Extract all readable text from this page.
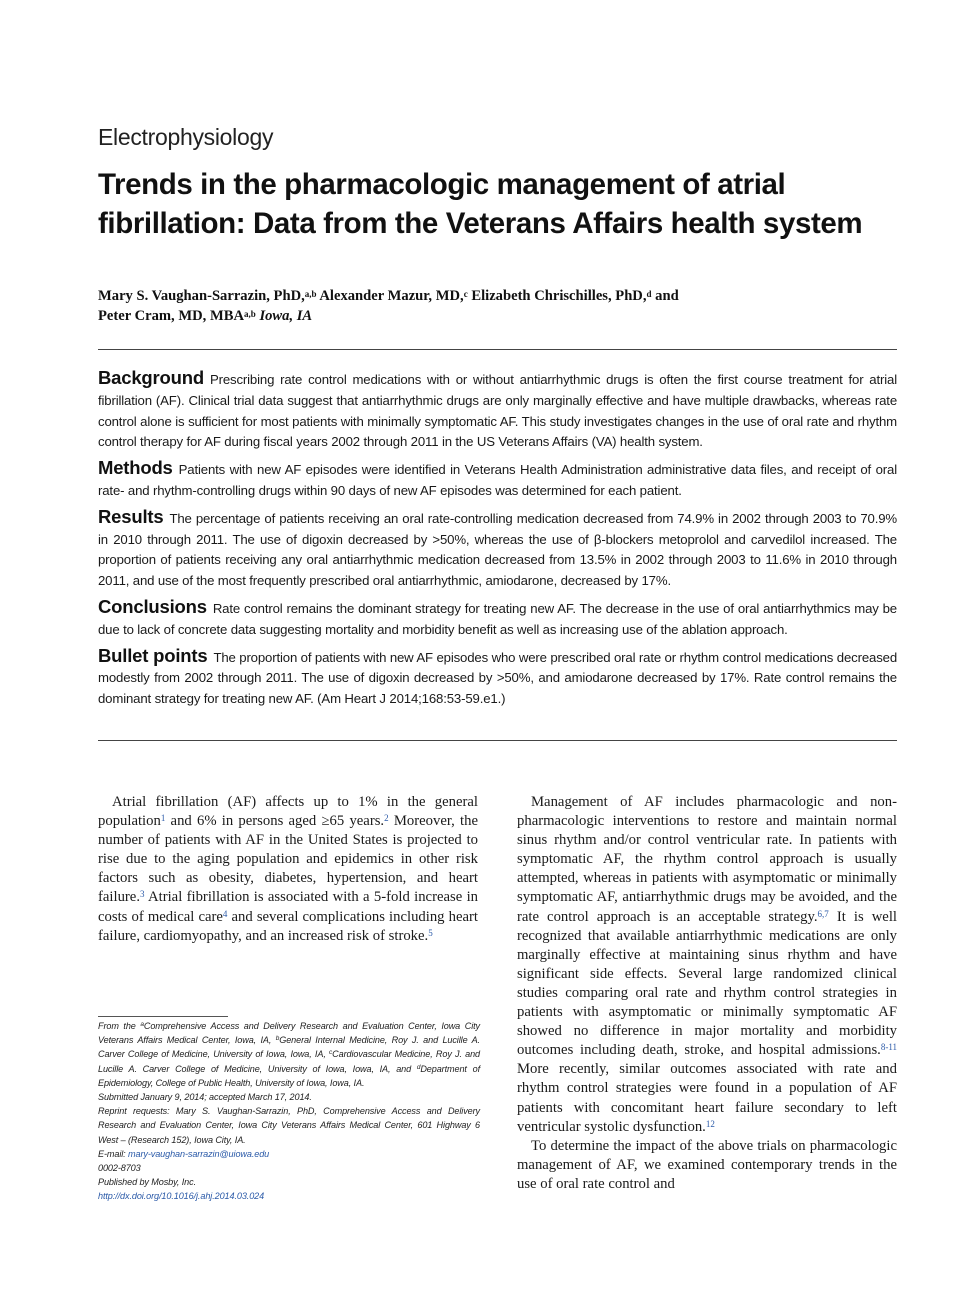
Electrophysiology
Trends in the pharmacologic management of atrial fibrillation: Data from the Veterans Affairs health system
Mary S. Vaughan-Sarrazin, PhD,$^{a,b}$ Alexander Mazur, MD,$^c$ Elizabeth Chrischilles, PhD,$^d$ and
Peter Cram, MD, MBA$^{a,b}$ Iowa, IA

Background Prescribing rate control medications with or without antiarrhythmic drugs is often the first course treatment for atrial fibrillation (AF). Clinical trial data suggest that antiarrhythmic drugs are only marginally effective and have multiple drawbacks, whereas rate control alone is sufficient for most patients with minimally symptomatic AF. This study investigates changes in the use of oral rate and rhythm control therapy for AF during fiscal years 2002 through 2011 in the US Veterans Affairs (VA) health system.

Methods Patients with new AF episodes were identified in Veterans Health Administration administrative data files, and receipt of oral rate- and rhythm-controlling drugs within 90 days of new AF episodes was determined for each patient.

Results The percentage of patients receiving an oral rate-controlling medication decreased from 74.9% in 2002 through 2003 to 70.9% in 2010 through 2011. The use of digoxin decreased by >50%, whereas the use of β-blockers metoprolol and carvedilol increased. The proportion of patients receiving any oral antiarrhythmic medication decreased from 13.5% in 2002 through 2003 to 11.6% in 2010 through 2011, and use of the most frequently prescribed oral antiarrhythmic, amiodarone, decreased by 17%.

Conclusions Rate control remains the dominant strategy for treating new AF. The decrease in the use of oral antiarrhythmics may be due to lack of concrete data suggesting mortality and morbidity benefit as well as increasing use of the ablation approach.

Bullet points The proportion of patients with new AF episodes who were prescribed oral rate or rhythm control medications decreased modestly from 2002 through 2011. The use of digoxin decreased by >50%, and amiodarone decreased by 17%. Rate control remains the dominant strategy for treating new AF. (Am Heart J 2014;168:53-59.e1.)

Atrial fibrillation (AF) affects up to 1% in the general population$^1$ and 6% in persons aged ≥65 years.$^2$ Moreover, the number of patients with AF in the United States is projected to rise due to the aging population and epidemics in other risk factors such as obesity, diabetes, hypertension, and heart failure.$^3$ Atrial fibrillation is associated with a 5-fold increase in costs of medical care$^4$ and several complications including heart failure, cardiomyopathy, and an increased risk of stroke.$^5$

From the $^a$Comprehensive Access and Delivery Research and Evaluation Center, Iowa City Veterans Affairs Medical Center, Iowa, IA, $^b$General Internal Medicine, Roy J. and Lucille A. Carver College of Medicine, University of Iowa, Iowa, IA, $^c$Cardiovascular Medicine, Roy J. and Lucille A. Carver College of Medicine, University of Iowa, Iowa, IA, and $^d$Department of Epidemiology, College of Public Health, University of Iowa, Iowa, IA.
Submitted January 9, 2014; accepted March 17, 2014.
Reprint requests: Mary S. Vaughan-Sarrazin, PhD, Comprehensive Access and Delivery Research and Evaluation Center, Iowa City Veterans Affairs Medical Center, 601 Highway 6 West – (Research 152), Iowa City, IA.
E-mail: mary-vaughan-sarrazin@uiowa.edu
0002-8703
Published by Mosby, Inc.
http://dx.doi.org/10.1016/j.ahj.2014.03.024

Management of AF includes pharmacologic and non-pharmacologic interventions to restore and maintain normal sinus rhythm and/or control ventricular rate. In patients with symptomatic AF, the rhythm control approach is usually attempted, whereas in patients with asymptomatic or minimally symptomatic AF, antiarrhythmic drugs may be avoided, and the rate control approach is an acceptable strategy.$^{6,7}$ It is well recognized that available antiarrhythmic medications are only marginally effective at maintaining sinus rhythm and have significant side effects. Several large randomized clinical studies comparing oral rate and rhythm control strategies in patients with asymptomatic or minimally symptomatic AF showed no difference in major mortality and morbidity outcomes including death, stroke, and hospital admissions.$^{8-11}$ More recently, similar outcomes associated with rate and rhythm control strategies were found in a population of AF patients with concomitant heart failure secondary to left ventricular systolic dysfunction.$^{12}$

To determine the impact of the above trials on pharmacologic management of AF, we examined contemporary trends in the use of oral rate control and
